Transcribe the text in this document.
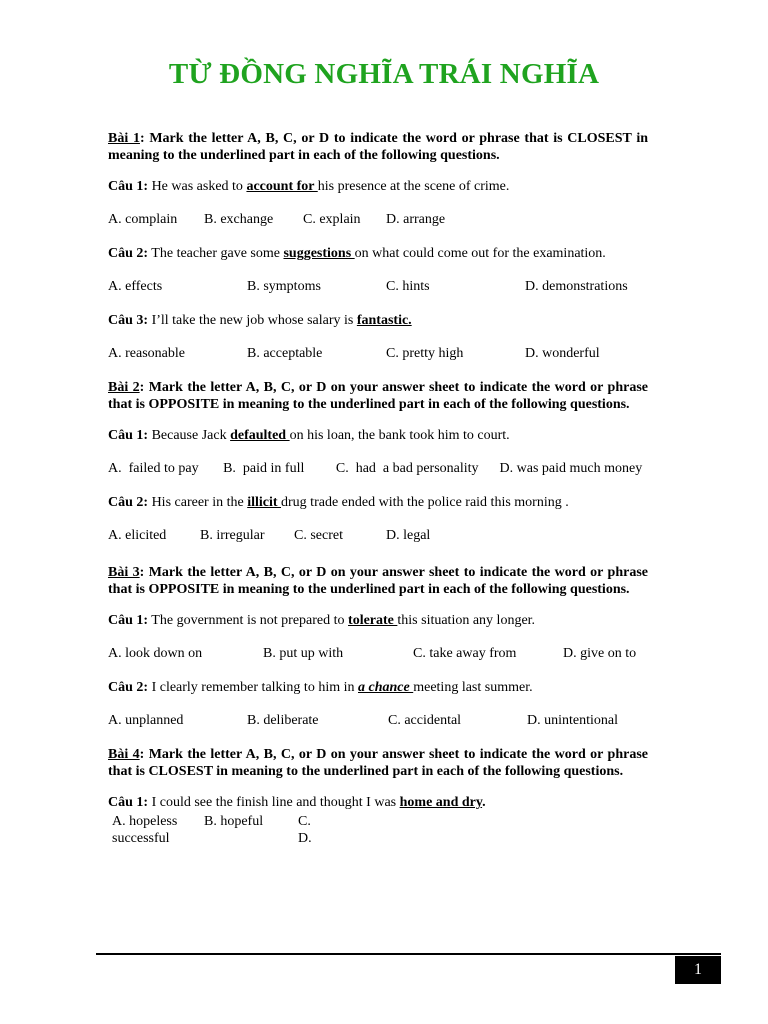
TỪ ĐỒNG NGHĨA TRÁI NGHĨA

Bài 1: Mark the letter A, B, C, or D to indicate the word or phrase that is CLOSEST in meaning to the underlined part in each of the following questions.

Câu 1: He was asked to account for his presence at the scene of crime.

A. complain B. exchange C. explain D. arrange

Câu 2: The teacher gave some suggestions on what could come out for the examination.

A. effects	B. symptoms	C. hints	D. demonstrations

Câu 3: I’ll take the new job whose salary is fantastic.

A. reasonable	B. acceptable	C. pretty high	D. wonderful

Bài 2: Mark the letter A, B, C, or D on your answer sheet to indicate the word or phrase that is OPPOSITE in meaning to the underlined part in each of the following questions.

Câu 1: Because Jack defaulted on his loan, the bank took him to court.

A.  failed to pay       B.  paid in full         C.  had  a bad personality      D. was paid much money

Câu 2: His career in the illicit drug trade ended with the police raid this morning .

A. elicited B. irregular C. secret	D. legal

Bài 3: Mark the letter A, B, C, or D on your answer sheet to indicate the word or phrase that is OPPOSITE in meaning to the underlined part in each of the following questions.

Câu 1: The government is not prepared to tolerate this situation any longer.

A. look down on	B. put up with	C. take away from	D. give on to

Câu 2: I clearly remember talking to him in a chance meeting last summer.

A. unplanned	B. deliberate	C. accidental	D. unintentional

Bài 4: Mark the letter A, B, C, or D on your answer sheet to indicate the word or phrase that is CLOSEST in meaning to the underlined part in each of the following questions.

Câu 1: I could see the finish line and thought I was home and dry.

A. hopeless B. hopeful C.
successful	D.
1
